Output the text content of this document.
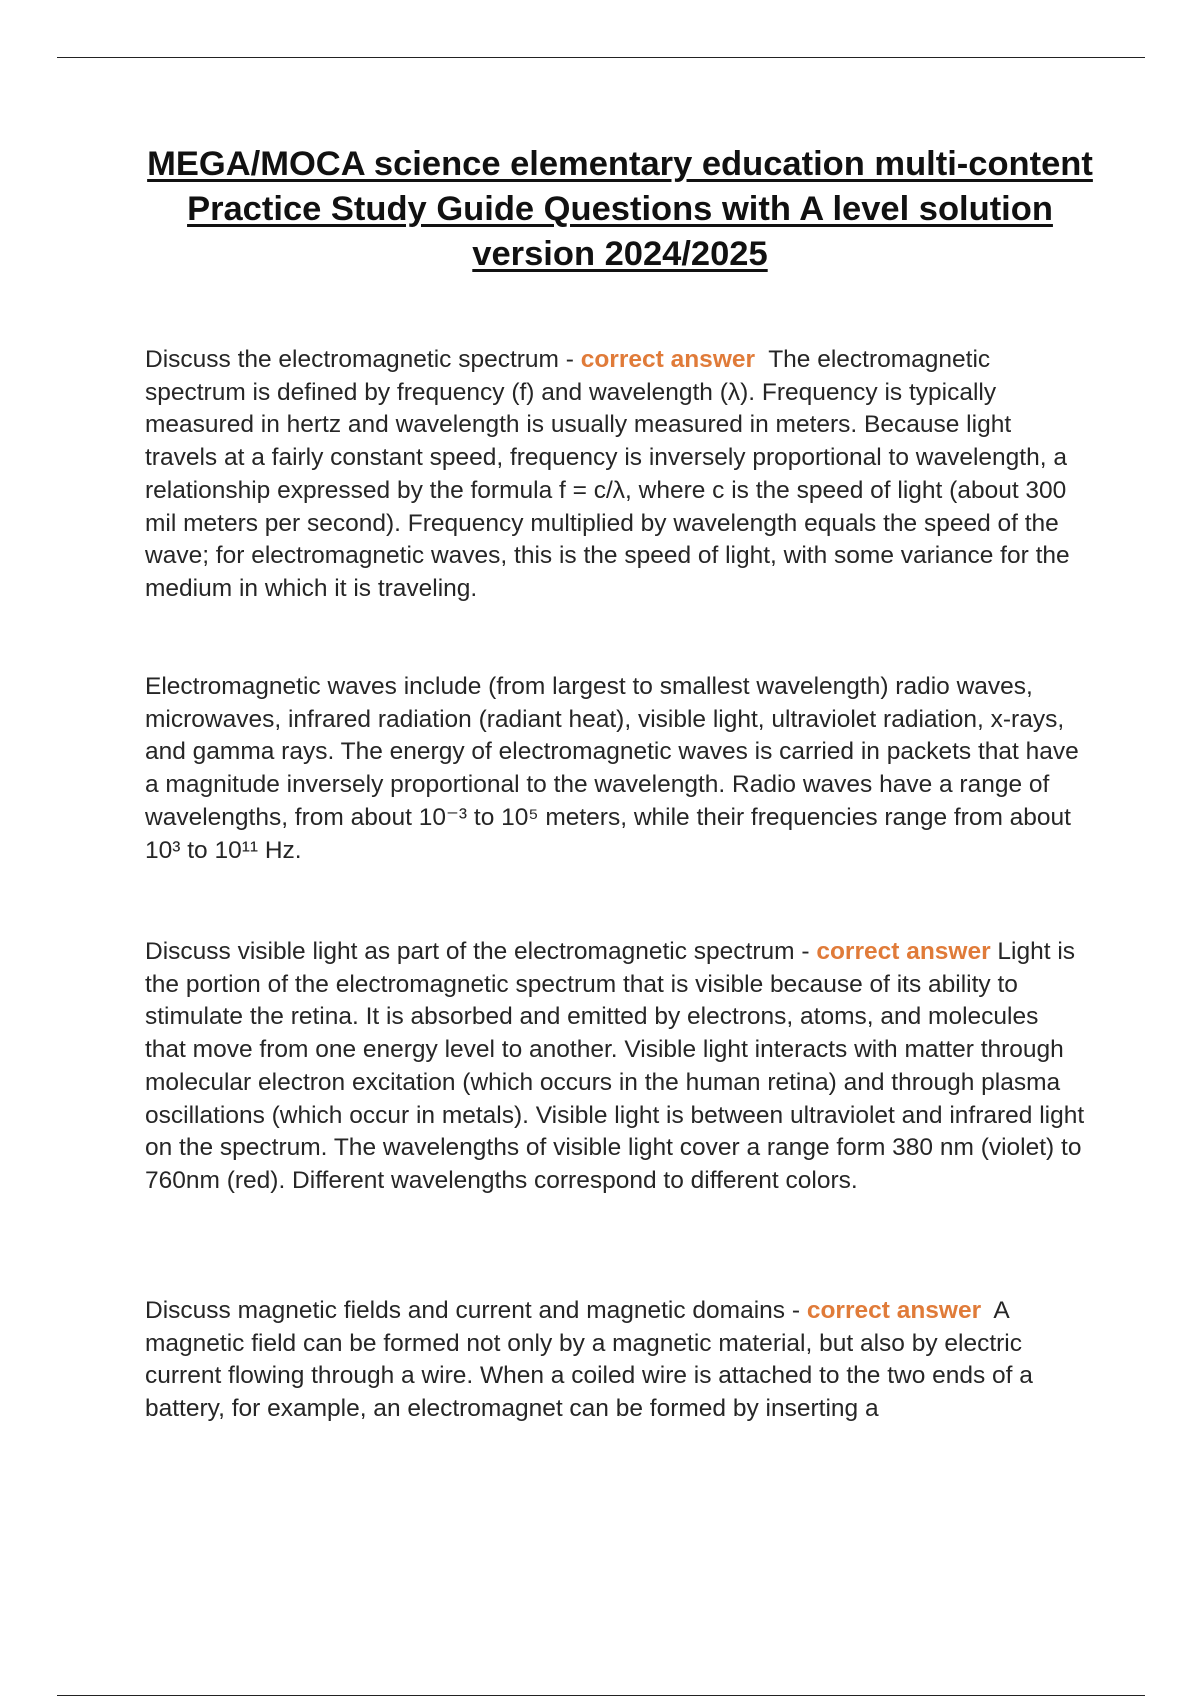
MEGA/MOCA science elementary education multi-content Practice Study Guide Questions with A level solution version 2024/2025

Discuss the electromagnetic spectrum - correct answer  The electromagnetic spectrum is defined by frequency (f) and wavelength (λ). Frequency is typically measured in hertz and wavelength is usually measured in meters. Because light travels at a fairly constant speed, frequency is inversely proportional to wavelength, a relationship expressed by the formula f = c/λ, where c is the speed of light (about 300 mil meters per second). Frequency multiplied by wavelength equals the speed of the wave; for electromagnetic waves, this is the speed of light, with some variance for the medium in which it is traveling.

Electromagnetic waves include (from largest to smallest wavelength) radio waves, microwaves, infrared radiation (radiant heat), visible light, ultraviolet radiation, x-rays, and gamma rays. The energy of electromagnetic waves is carried in packets that have a magnitude inversely proportional to the wavelength. Radio waves have a range of wavelengths, from about 10⁻³ to 10⁵ meters, while their frequencies range from about 10³ to 10¹¹ Hz.

Discuss visible light as part of the electromagnetic spectrum - correct answer Light is the portion of the electromagnetic spectrum that is visible because of its ability to stimulate the retina. It is absorbed and emitted by electrons, atoms, and molecules that move from one energy level to another. Visible light interacts with matter through molecular electron excitation (which occurs in the human retina) and through plasma oscillations (which occur in metals). Visible light is between ultraviolet and infrared light on the spectrum. The wavelengths of visible light cover a range form 380 nm (violet) to 760nm (red). Different wavelengths correspond to different colors.

Discuss magnetic fields and current and magnetic domains - correct answer  A magnetic field can be formed not only by a magnetic material, but also by electric current flowing through a wire. When a coiled wire is attached to the two ends of a battery, for example, an electromagnet can be formed by inserting a
